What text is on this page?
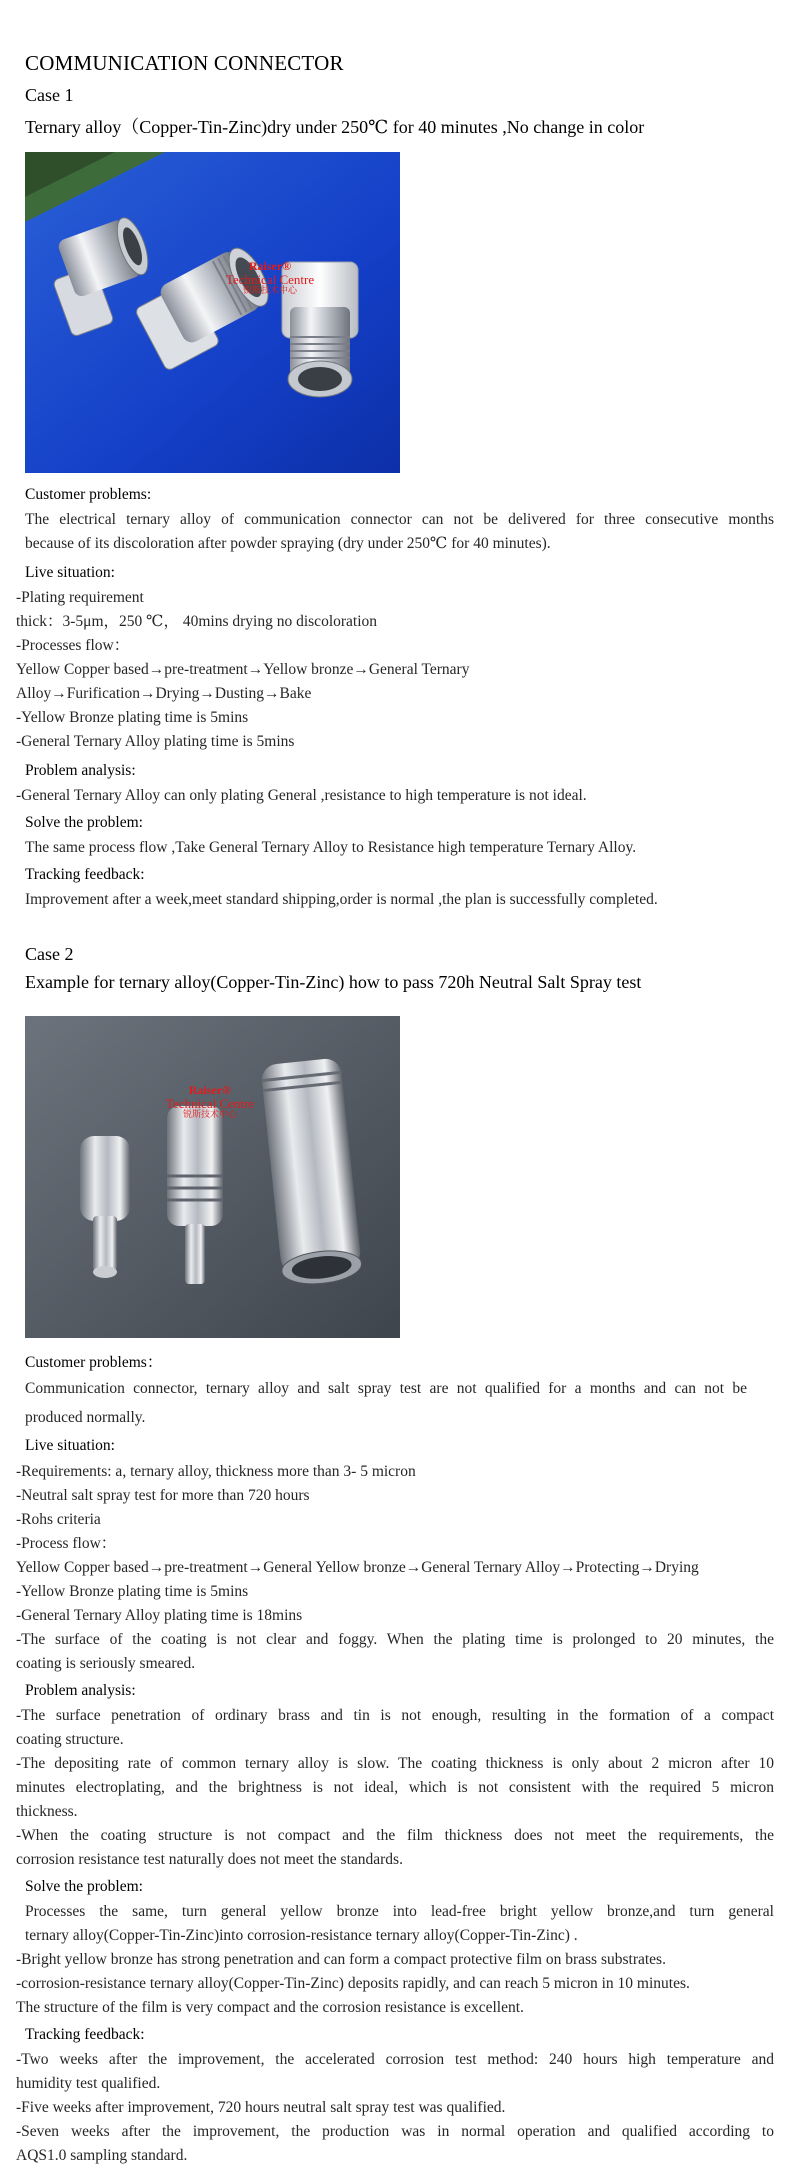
COMMUNICATION CONNECTOR
Case 1
Ternary alloy（Copper-Tin-Zinc)dry under 250℃ for 40 minutes ,No change in color
Raiser®
Technical Centre
锐斯技术中心
Customer problems:
The electrical ternary alloy of communication connector can not be delivered for three consecutive months
because of its discoloration after powder spraying (dry under 250℃ for 40 minutes).
Live situation:
-Plating requirement
thick：3-5μm，250 ℃， 40mins drying no discoloration
-Processes flow：
Yellow Copper based→pre-treatment→Yellow bronze→General Ternary
Alloy→Furification→Drying→Dusting→Bake
-Yellow Bronze plating time is 5mins
-General Ternary Alloy plating time is 5mins
Problem analysis:
-General Ternary Alloy can only plating General ,resistance to high temperature is not ideal.
Solve the problem:
The same process flow ,Take General Ternary Alloy to Resistance high temperature Ternary Alloy.
Tracking feedback:
Improvement after a week,meet standard shipping,order is normal ,the plan is successfully completed.
Case 2
Example for ternary alloy(Copper-Tin-Zinc) how to pass 720h Neutral Salt Spray test
Raiser®
Technical Centre
锐斯技术中心
Customer problems：
Communication connector, ternary alloy and salt spray test are not qualified for a months and can not be
produced normally.
Live situation:
-Requirements: a, ternary alloy, thickness more than 3- 5 micron
-Neutral salt spray test for more than 720 hours
-Rohs criteria
-Process flow：
Yellow Copper based→pre-treatment→General Yellow bronze→General Ternary Alloy→Protecting→Drying
-Yellow Bronze plating time is 5mins
-General Ternary Alloy plating time is 18mins
-The surface of the coating is not clear and foggy. When the plating time is prolonged to 20 minutes, the
coating is seriously smeared.
Problem analysis:
-The surface penetration of ordinary brass and tin is not enough, resulting in the formation of a compact
coating structure.
-The depositing rate of common ternary alloy is slow. The coating thickness is only about 2 micron after 10
minutes electroplating, and the brightness is not ideal, which is not consistent with the required 5 micron
thickness.
-When the coating structure is not compact and the film thickness does not meet the requirements, the
corrosion resistance test naturally does not meet the standards.
Solve the problem:
Processes the same, turn general yellow bronze into lead-free bright yellow bronze,and turn general
ternary alloy(Copper-Tin-Zinc)into corrosion-resistance ternary alloy(Copper-Tin-Zinc) .
-Bright yellow bronze has strong penetration and can form a compact protective film on brass substrates.
-corrosion-resistance ternary alloy(Copper-Tin-Zinc) deposits rapidly, and can reach 5 micron in 10 minutes.
The structure of the film is very compact and the corrosion resistance is excellent.
Tracking feedback:
-Two weeks after the improvement, the accelerated corrosion test method: 240 hours high temperature and
humidity test qualified.
-Five weeks after improvement, 720 hours neutral salt spray test was qualified.
-Seven weeks after the improvement, the production was in normal operation and qualified according to
AQS1.0 sampling standard.
